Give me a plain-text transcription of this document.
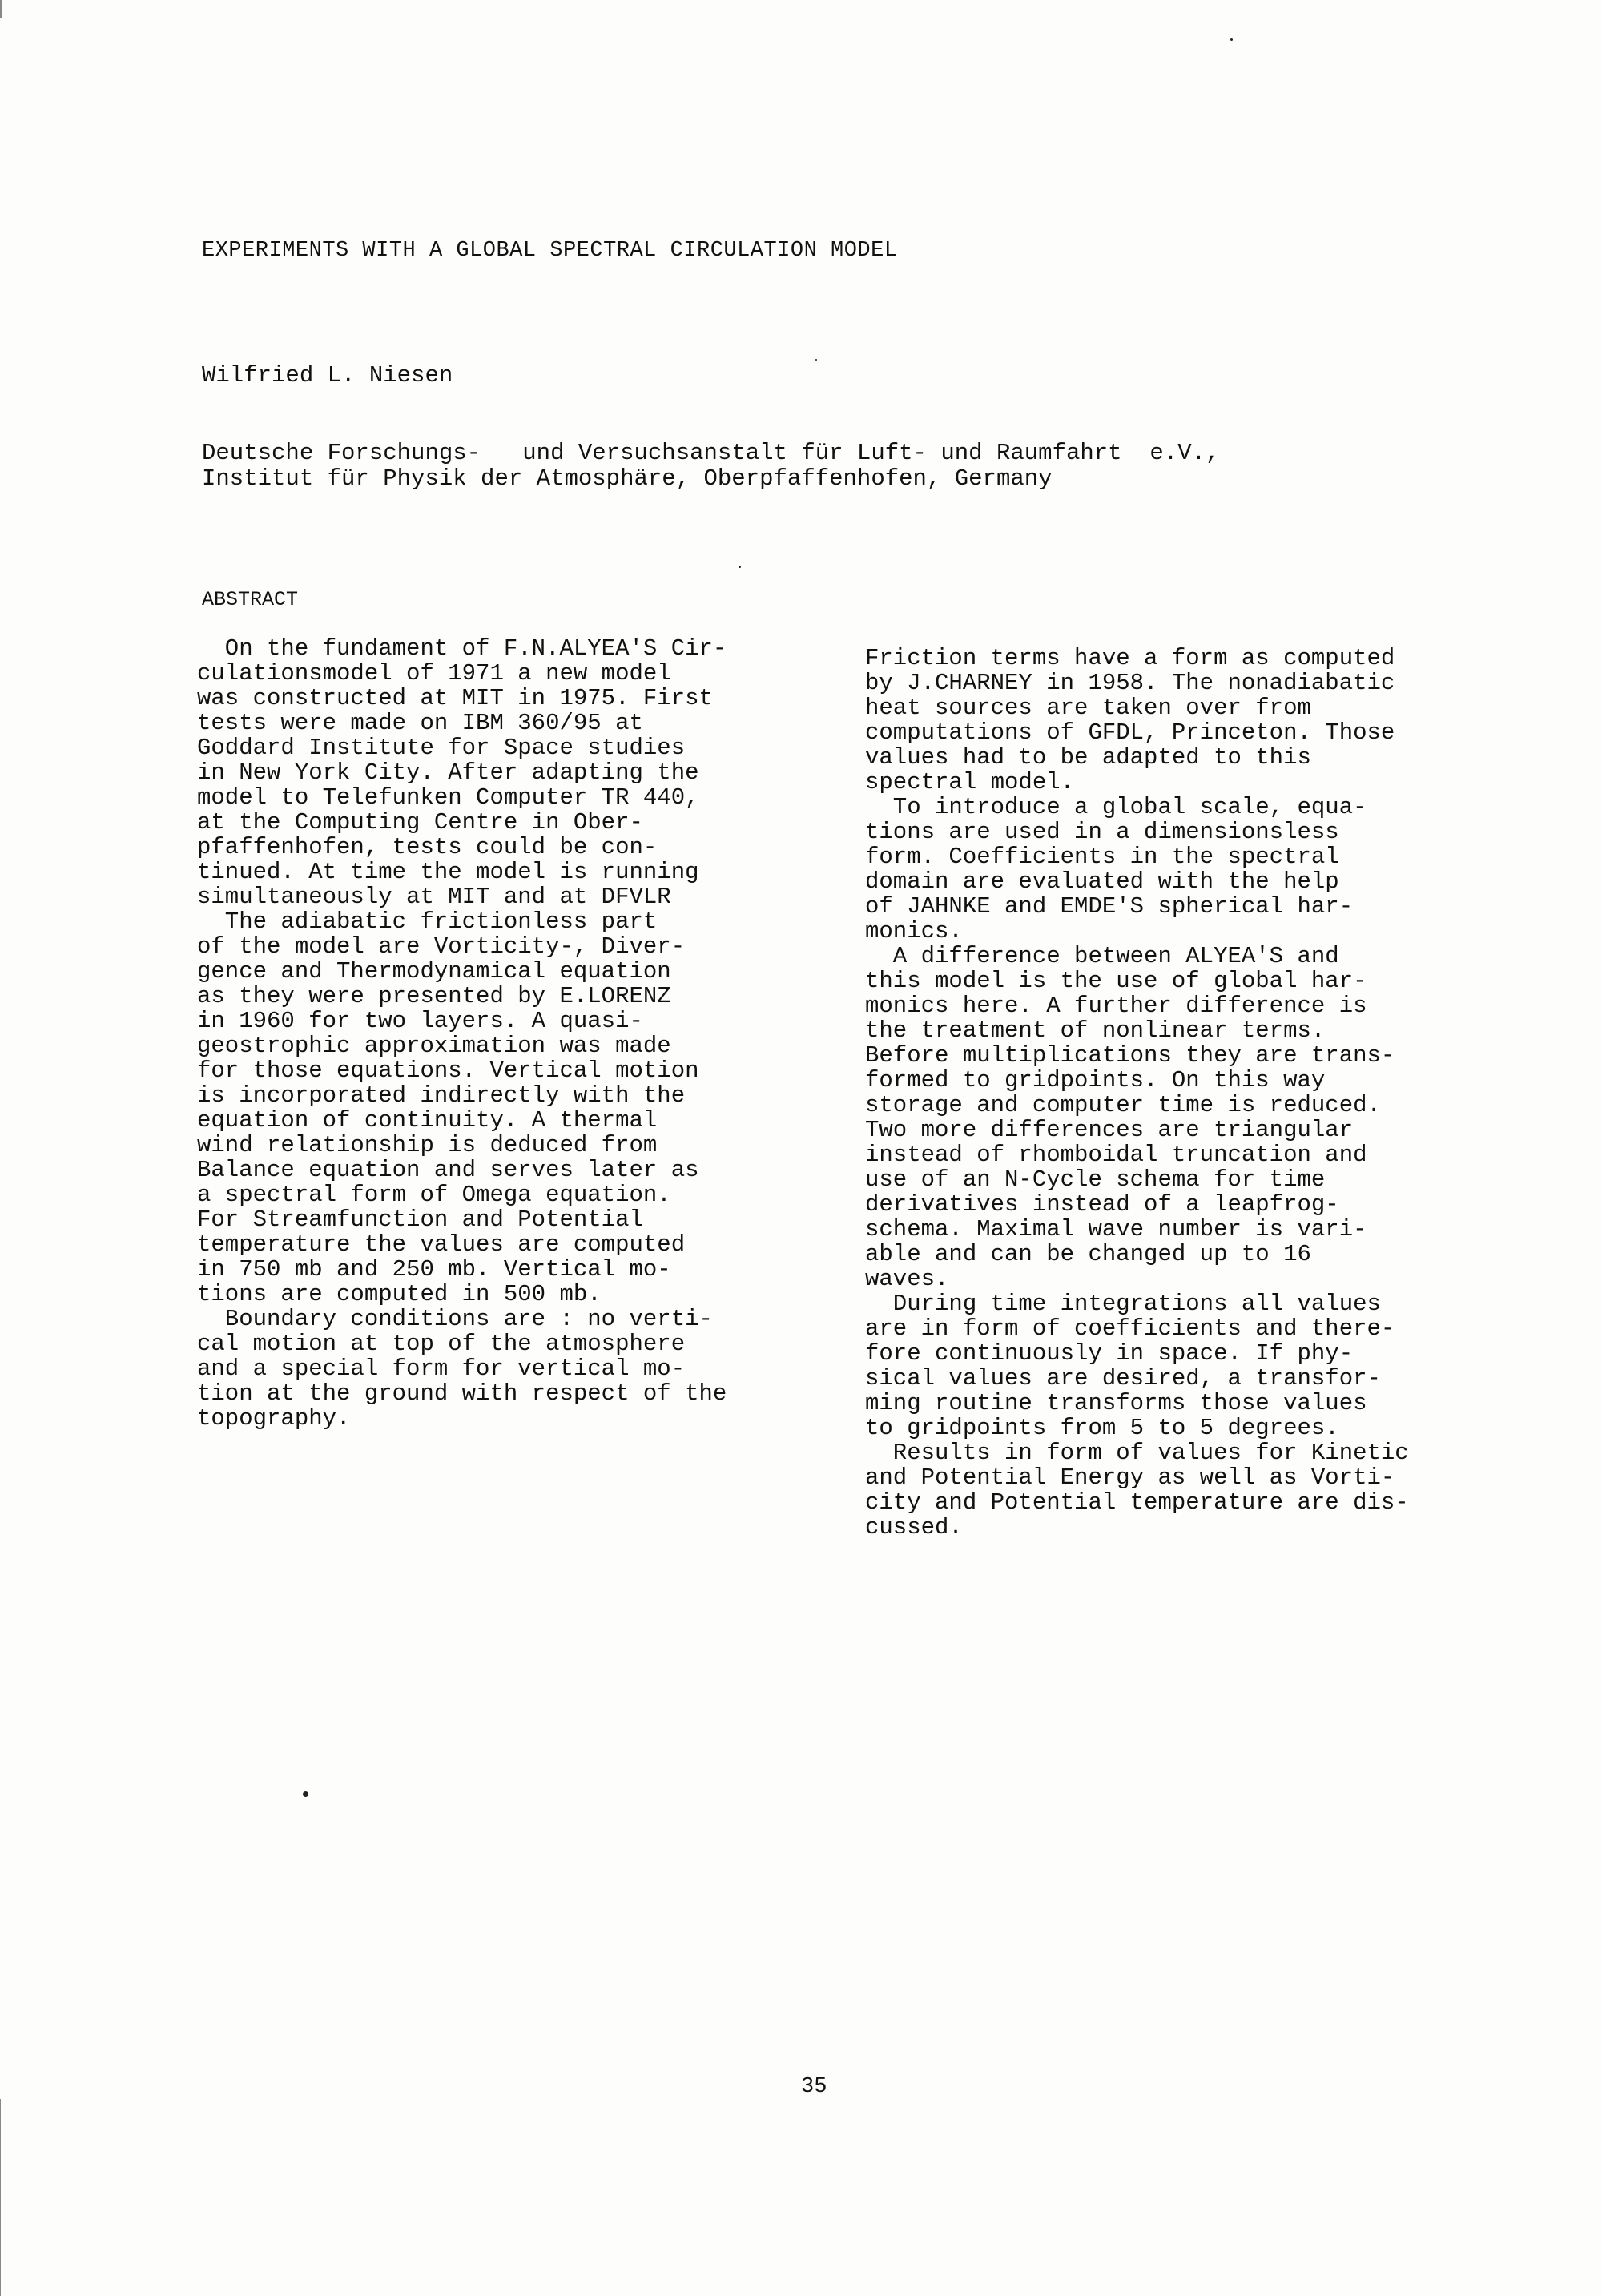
EXPERIMENTS WITH A GLOBAL SPECTRAL CIRCULATION MODEL
Wilfried L. Niesen
Deutsche Forschungs-   und Versuchsanstalt für Luft- und Raumfahrt  e.V.,
Institut für Physik der Atmosphäre, Oberpfaffenhofen, Germany
ABSTRACT
On the fundament of F.N.ALYEA'S Cir-
culationsmodel of 1971 a new model
was constructed at MIT in 1975. First
tests were made on IBM 360/95 at
Goddard Institute for Space studies
in New York City. After adapting the
model to Telefunken Computer TR 440,
at the Computing Centre in Ober-
pfaffenhofen, tests could be con-
tinued. At time the model is running
simultaneously at MIT and at DFVLR
The adiabatic frictionless part
of the model are Vorticity-, Diver-
gence and Thermodynamical equation
as they were presented by E.LORENZ
in 1960 for two layers. A quasi-
geostrophic approximation was made
for those equations. Vertical motion
is incorporated indirectly with the
equation of continuity. A thermal
wind relationship is deduced from
Balance equation and serves later as
a spectral form of Omega equation.
For Streamfunction and Potential
temperature the values are computed
in 750 mb and 250 mb. Vertical mo-
tions are computed in 500 mb.
Boundary conditions are : no verti-
cal motion at top of the atmosphere
and a special form for vertical mo-
tion at the ground with respect of the
topography.
Friction terms have a form as computed
by J.CHARNEY in 1958. The nonadiabatic
heat sources are taken over from
computations of GFDL, Princeton. Those
values had to be adapted to this
spectral model.
To introduce a global scale, equa-
tions are used in a dimensionsless
form. Coefficients in the spectral
domain are evaluated with the help
of JAHNKE and EMDE'S spherical har-
monics.
A difference between ALYEA'S and
this model is the use of global har-
monics here. A further difference is
the treatment of nonlinear terms.
Before multiplications they are trans-
formed to gridpoints. On this way
storage and computer time is reduced.
Two more differences are triangular
instead of rhomboidal truncation and
use of an N-Cycle schema for time
derivatives instead of a leapfrog-
schema. Maximal wave number is vari-
able and can be changed up to 16
waves.
During time integrations all values
are in form of coefficients and there-
fore continuously in space. If phy-
sical values are desired, a transfor-
ming routine transforms those values
to gridpoints from 5 to 5 degrees.
Results in form of values for Kinetic
and Potential Energy as well as Vorti-
city and Potential temperature are dis-
cussed.
35
